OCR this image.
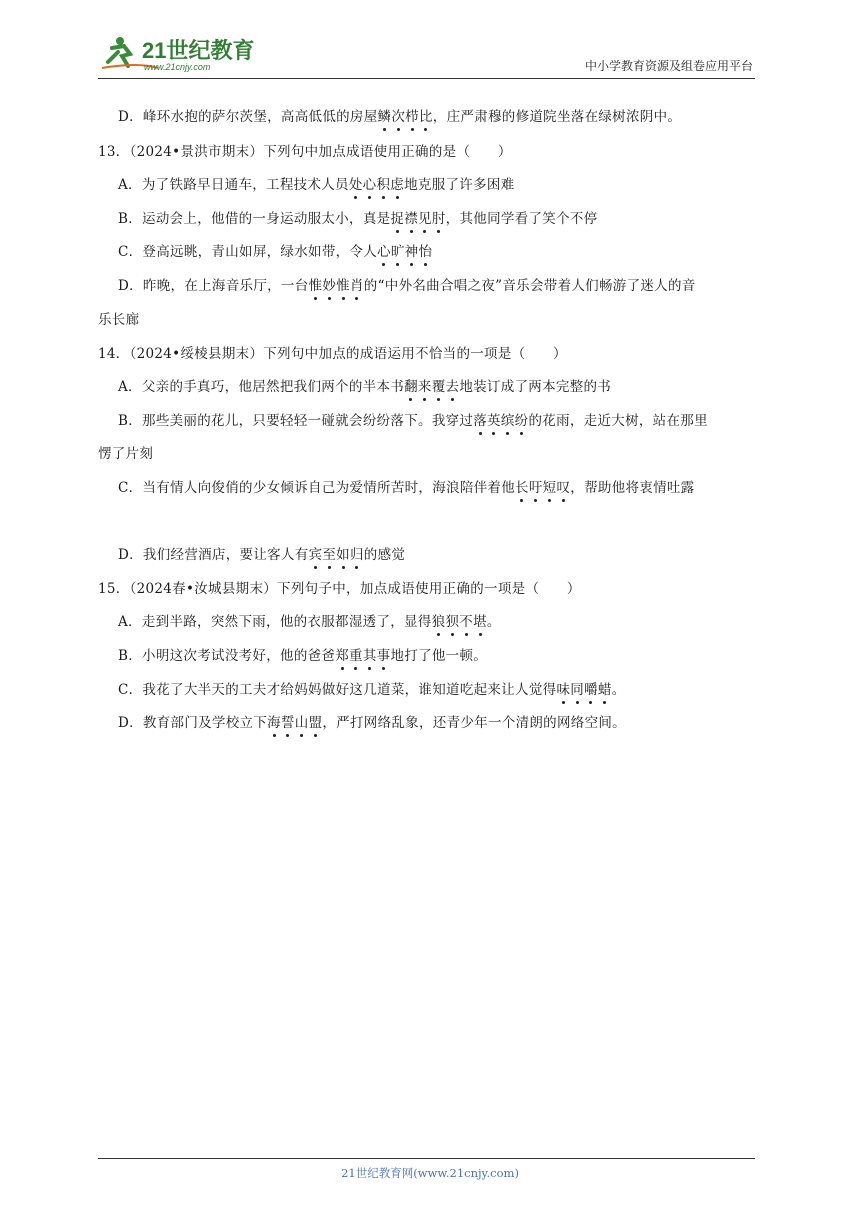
21世纪教育
www.21cnjy.com	中小学教育资源及组卷应用平台
D．峰环水抱的萨尔茨堡，高高低低的房屋鳞次栉比，庄严肃穆的修道院坐落在绿树浓阴中。
13．（2024•景洪市期末）下列句中加点成语使用正确的是（　　）
A．为了铁路早日通车，工程技术人员处心积虑地克服了许多困难
B．运动会上，他借的一身运动服太小，真是捉襟见肘，其他同学看了笑个不停
C．登高远眺，青山如屏，绿水如带，令人心旷神怡
D．昨晚，在上海音乐厅，一台惟妙惟肖的“中外名曲合唱之夜”音乐会带着人们畅游了迷人的音
乐长廊
14．（2024•绥棱县期末）下列句中加点的成语运用不恰当的一项是（　　）
A．父亲的手真巧，他居然把我们两个的半本书翻来覆去地装订成了两本完整的书
B．那些美丽的花儿，只要轻轻一碰就会纷纷落下。我穿过落英缤纷的花雨，走近大树，站在那里
愣了片刻
C．当有情人向俊俏的少女倾诉自己为爱情所苦时，海浪陪伴着他长吁短叹，帮助他将衷情吐露
D．我们经营酒店，要让客人有宾至如归的感觉
15．（2024春•汝城县期末）下列句子中，加点成语使用正确的一项是（　　）
A．走到半路，突然下雨，他的衣服都湿透了，显得狼狈不堪。
B．小明这次考试没考好，他的爸爸郑重其事地打了他一顿。
C．我花了大半天的工夫才给妈妈做好这几道菜，谁知道吃起来让人觉得味同嚼蜡。
D．教育部门及学校立下海誓山盟，严打网络乱象，还青少年一个清朗的网络空间。
21世纪教育网(www.21cnjy.com)
